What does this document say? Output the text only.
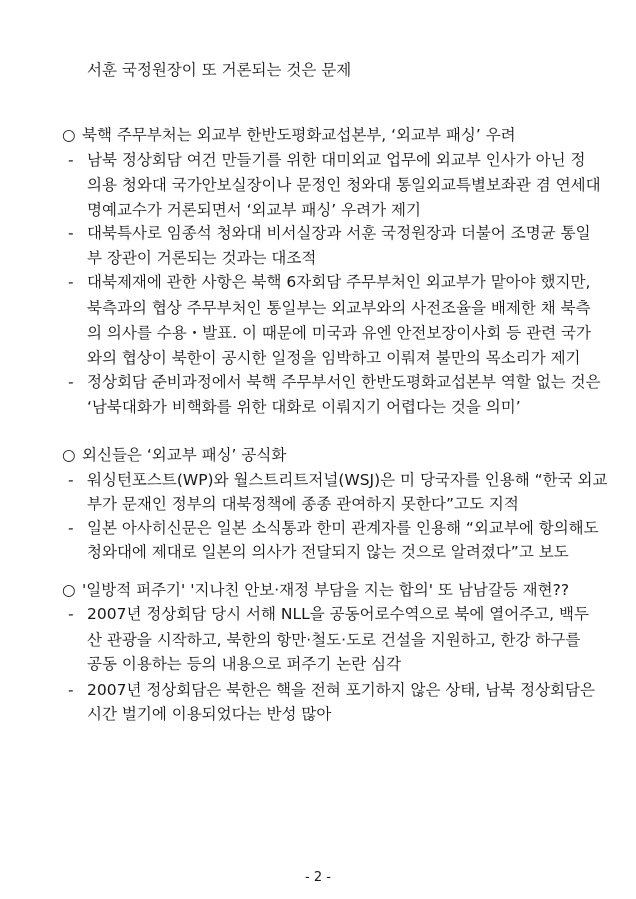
서훈 국정원장이 또 거론되는 것은 문제
○ 북핵 주무부처는 외교부 한반도평화교섭본부, ‘외교부 패싱’ 우려
- 남북 정상회담 여건 만들기를 위한 대미외교 업무에 외교부 인사가 아닌 정
의용 청와대 국가안보실장이나 문정인 청와대 통일외교특별보좌관 겸 연세대
명예교수가 거론되면서 ‘외교부 패싱’ 우려가 제기
- 대북특사로 임종석 청와대 비서실장과 서훈 국정원장과 더불어 조명균 통일
부 장관이 거론되는 것과는 대조적
- 대북제재에 관한 사항은 북핵 6자회담 주무부처인 외교부가 맡아야 했지만,
북측과의 협상 주무부처인 통일부는 외교부와의 사전조율을 배제한 채 북측
의 의사를 수용・발표. 이 때문에 미국과 유엔 안전보장이사회 등 관련 국가
와의 협상이 북한이 공시한 일정을 임박하고 이뤄져 불만의 목소리가 제기
- 정상회담 준비과정에서 북핵 주무부서인 한반도평화교섭본부 역할 없는 것은
‘남북대화가 비핵화를 위한 대화로 이뤄지기 어렵다는 것을 의미’
○ 외신들은 ‘외교부 패싱’ 공식화
- 워싱턴포스트(WP)와 월스트리트저널(WSJ)은 미 당국자를 인용해 “한국 외교
부가 문재인 정부의 대북정책에 종종 관여하지 못한다”고도 지적
- 일본 아사히신문은 일본 소식통과 한미 관계자를 인용해 “외교부에 항의해도
청와대에 제대로 일본의 의사가 전달되지 않는 것으로 알려졌다”고 보도
○ '일방적 퍼주기' '지나친 안보·재정 부담을 지는 합의' 또 남남갈등 재현??
- 2007년 정상회담 당시 서해 NLL을 공동어로수역으로 북에 열어주고, 백두
산 관광을 시작하고, 북한의 항만·철도·도로 건설을 지원하고, 한강 하구를
공동 이용하는 등의 내용으로 퍼주기 논란 심각
- 2007년 정상회담은 북한은 핵을 전혀 포기하지 않은 상태, 남북 정상회담은
시간 벌기에 이용되었다는 반성 많아
- 2 -
